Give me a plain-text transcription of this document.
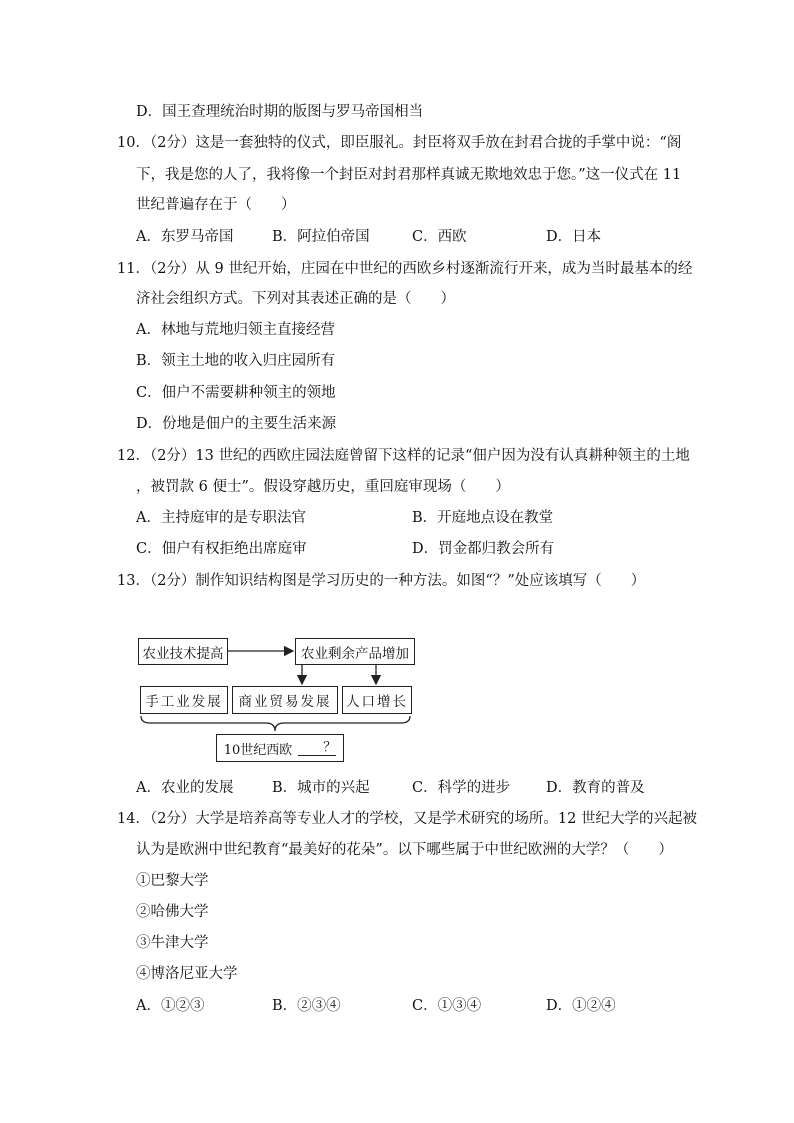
D．国王查理统治时期的版图与罗马帝国相当
10．（2分）这是一套独特的仪式，即臣服礼。封臣将双手放在封君合拢的手掌中说：“阁
下，我是您的人了，我将像一个封臣对封君那样真诚无欺地效忠于您。”这一仪式在 11
世纪普遍存在于（　　）
A．东罗马帝国	B．阿拉伯帝国	C．西欧	D．日本
11．（2分）从 9 世纪开始，庄园在中世纪的西欧乡村逐渐流行开来，成为当时最基本的经
济社会组织方式。下列对其表述正确的是（　　）
A．林地与荒地归领主直接经营
B．领主土地的收入归庄园所有
C．佃户不需要耕种领主的领地
D．份地是佃户的主要生活来源
12．（2分）13 世纪的西欧庄园法庭曾留下这样的记录“佃户因为没有认真耕种领主的土地
，被罚款 6 便士”。假设穿越历史，重回庭审现场（　　）
A．主持庭审的是专职法官	B．开庭地点设在教堂
C．佃户有权拒绝出席庭审	D．罚金都归教会所有
13．（2分）制作知识结构图是学习历史的一种方法。如图“？”处应该填写（　　）
农业技术提高	农业剩余产品增加
手工业发展	商业贸易发展	人口增长
10世纪西欧	？
A．农业的发展	B．城市的兴起	C．科学的进步 D．教育的普及
14．（2分）大学是培养高等专业人才的学校，又是学术研究的场所。12 世纪大学的兴起被
认为是欧洲中世纪教育“最美好的花朵”。以下哪些属于中世纪欧洲的大学？（　　）
①巴黎大学
②哈佛大学
③牛津大学
④博洛尼亚大学
A．①②③	B．②③④	C．①③④	D．①②④
